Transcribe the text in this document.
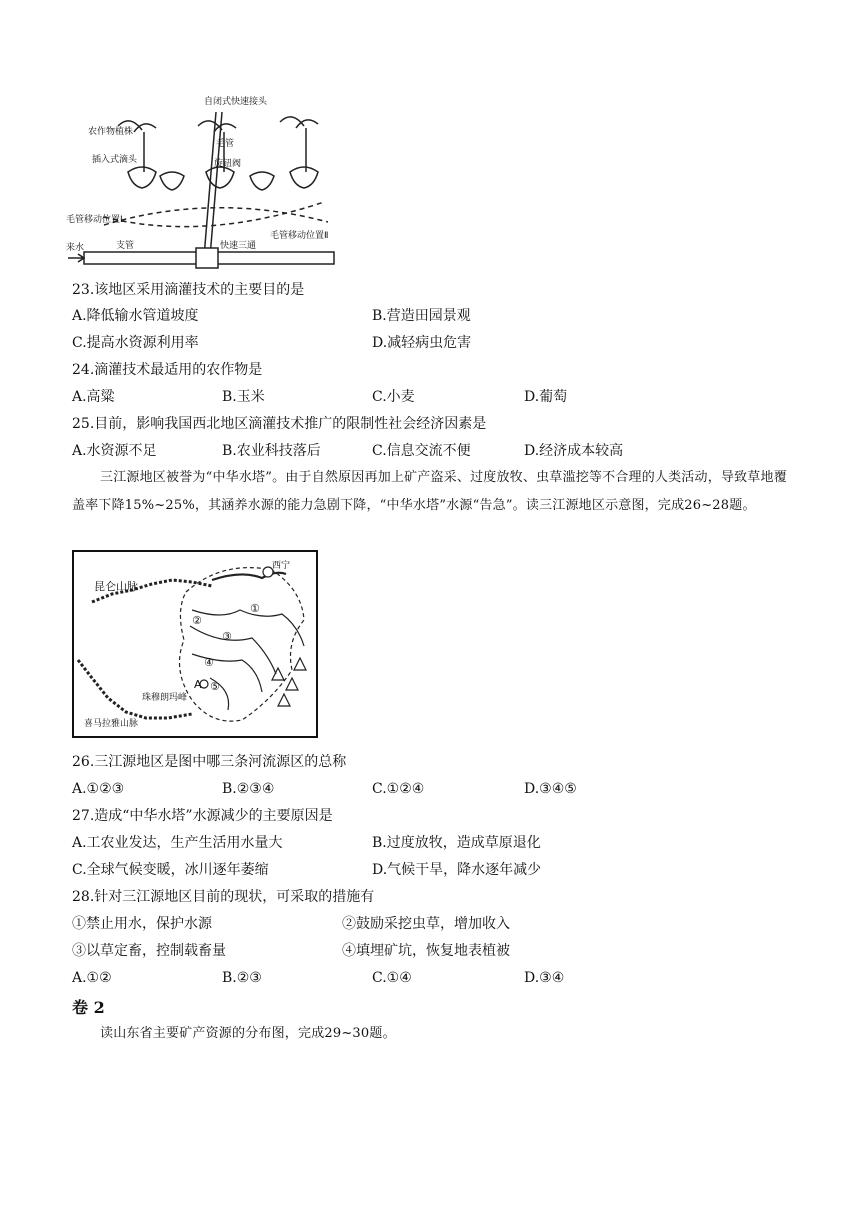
自闭式快速接头
农作物植株
插入式滴头
毛管
旋钮阀
毛管移动位置Ⅰ
毛管移动位置Ⅱ
来水	支管	快速三通
23.该地区采用滴灌技术的主要目的是
A.降低输水管道坡度	B.营造田园景观
C.提高水资源利用率	D.减轻病虫危害
24.滴灌技术最适用的农作物是
A.高粱	B.玉米	C.小麦	D.葡萄
25.目前，影响我国西北地区滴灌技术推广的限制性社会经济因素是
A.水资源不足	B.农业科技落后	C.信息交流不便	D.经济成本较高
三江源地区被誉为“中华水塔”。由于自然原因再加上矿产盗采、过度放牧、虫草滥挖等不合理的人类活动，导致草地覆盖率下降15%~25%，其涵养水源的能力急剧下降，“中华水塔”水源“告急”。读三江源地区示意图，完成26~28题。
昆仑山脉
西宁
珠穆朗玛峰
喜马拉雅山脉
A
①
②
③
④
⑤
26.三江源地区是图中哪三条河流源区的总称
A.①②③	B.②③④	C.①②④	D.③④⑤
27.造成“中华水塔”水源减少的主要原因是
A.工农业发达，生产生活用水量大	B.过度放牧，造成草原退化
C.全球气候变暖，冰川逐年萎缩	D.气候干旱，降水逐年减少
28.针对三江源地区目前的现状，可采取的措施有
①禁止用水，保护水源	②鼓励采挖虫草，增加收入
③以草定畜，控制载畜量	④填埋矿坑，恢复地表植被
A.①②	B.②③	C.①④	D.③④
卷 2
读山东省主要矿产资源的分布图，完成29~30题。
